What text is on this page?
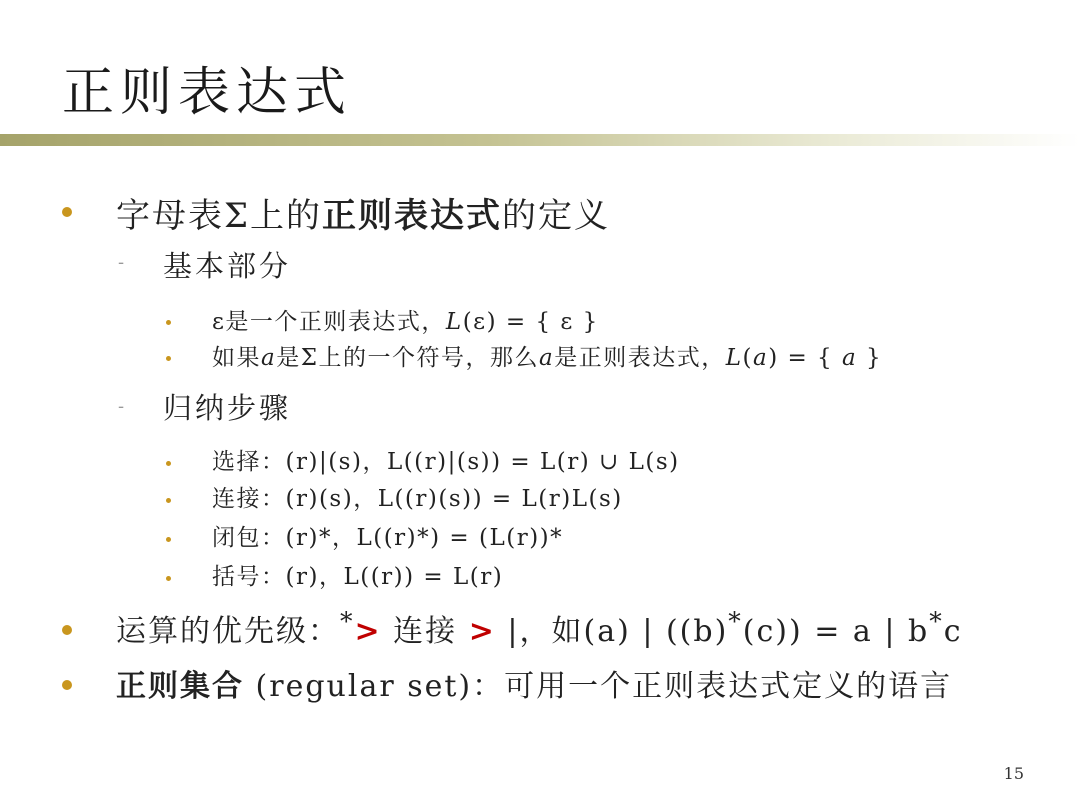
正则表达式
字母表Σ上的正则表达式的定义
- 基本部分
ε是一个正则表达式，L(ε) = { ε }
如果a是Σ上的一个符号，那么a是正则表达式，L(a) = { a }
- 归纳步骤
选择：(r)|(s)，L((r)|(s)) = L(r) ∪ L(s)
连接：(r)(s)，L((r)(s)) = L(r)L(s)
闭包：(r)*，L((r)*) = (L(r))*
括号：(r)，L((r)) = L(r)
运算的优先级：*> 连接 > |，如(a) | ((b)*(c)) = a | b*c
正则集合 (regular set)：可用一个正则表达式定义的语言
15
